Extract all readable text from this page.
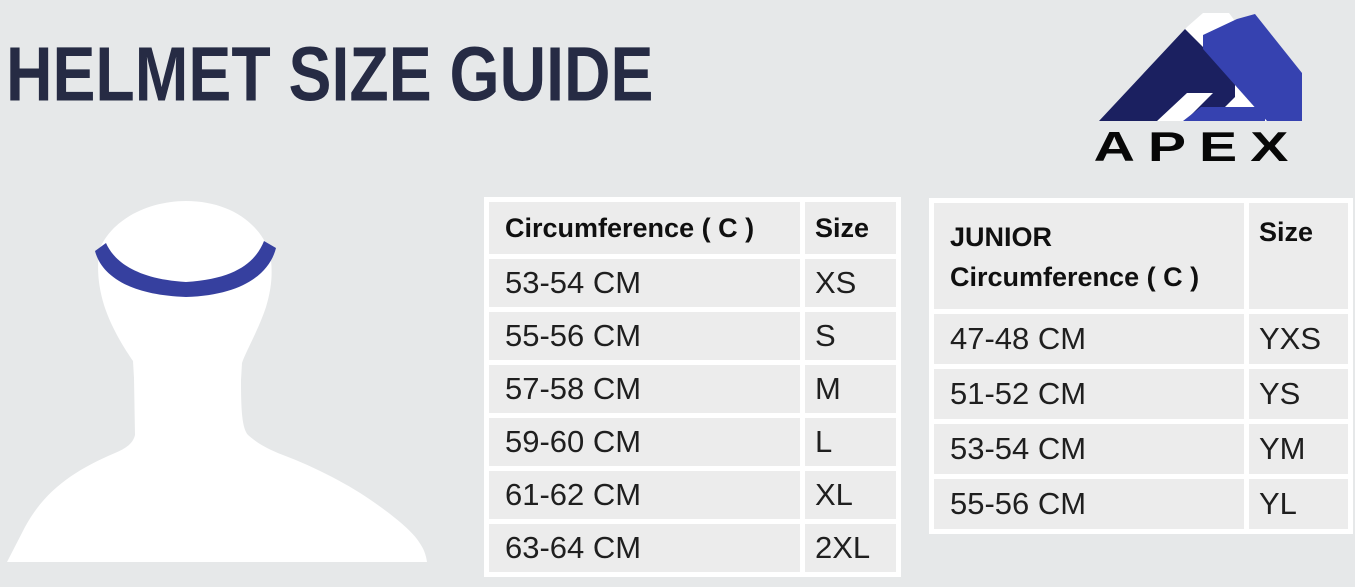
HELMET SIZE GUIDE
APEX
Circumference ( C )	Size
53-54 CM	XS
55-56 CM	S
57-58 CM	M
59-60 CM	L
61-62 CM	XL
63-64 CM	2XL
JUNIOR
Circumference ( C )	Size
47-48 CM	YXS
51-52 CM	YS
53-54 CM	YM
55-56 CM	YL
